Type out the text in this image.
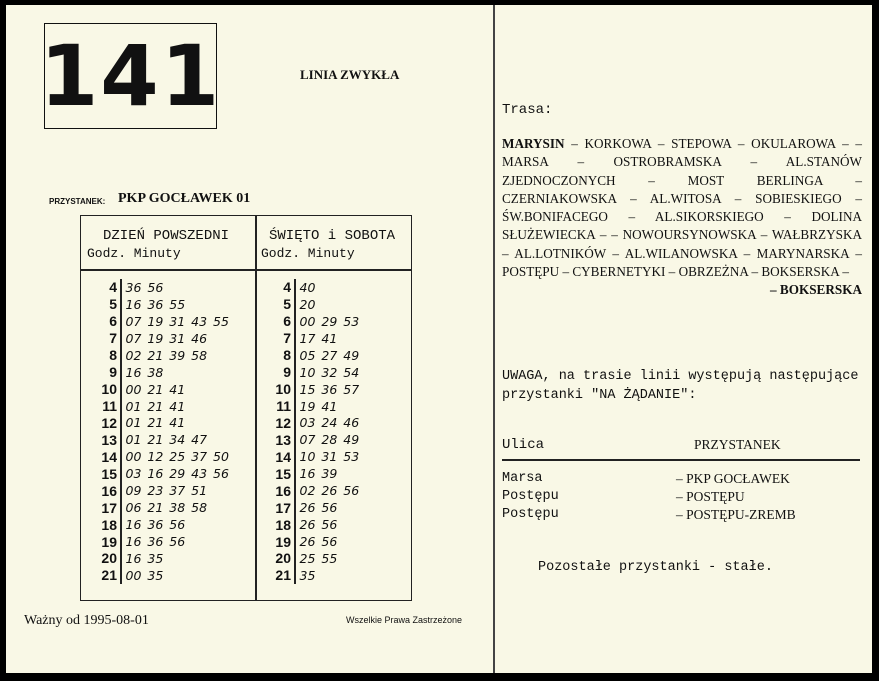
141	LINIA ZWYKŁA
PRZYSTANEK: PKP GOCŁAWEK 01
DZIEŃ POWSZEDNI
Godz. Minuty
ŚWIĘTO i SOBOTA
Godz. Minuty
4 36 56
5 16 36 55
6 07 19 31 43 55
7 07 19 31 46
8 02 21 39 58
9 16 38
10 00 21 41
11 01 21 41
12 01 21 41
13 01 21 34 47
14 00 12 25 37 50
15 03 16 29 43 56
16 09 23 37 51
17 06 21 38 58
18 16 36 56
19 16 36 56
20 16 35
21 00 35
4 40
5 20
6 00 29 53
7 17 41
8 05 27 49
9 10 32 54
10 15 36 57
11 19 41
12 03 24 46
13 07 28 49
14 10 31 53
15 16 39
16 02 26 56
17 26 56
18 26 56
19 26 56
20 25 55
21 35
Ważny od 1995-08-01	Wszelkie Prawa Zastrzeżone
Trasa:
MARYSIN – KORKOWA – STEPOWA – OKULAROWA – – MARSA – OSTROBRAMSKA – AL.STANÓW ZJEDNOCZONYCH – MOST BERLINGA – CZERNIAKOWSKA – AL.WITOSA – SOBIESKIEGO – ŚW.BONIFACEGO – AL.SIKORSKIEGO – DOLINA SŁUŻEWIECKA – – NOWOURSYNOWSKA – WAŁBRZYSKA – AL.LOTNIKÓW – AL.WILANOWSKA – MARYNARSKA – POSTĘPU – CYBERNETYKI – OBRZEŻNA – BOKSERSKA –
– BOKSERSKA
UWAGA, na trasie linii występują następujące przystanki "NA ŻĄDANIE":
Ulica	PRZYSTANEK
Marsa	– PKP GOCŁAWEK
Postępu	– POSTĘPU
Postępu	– POSTĘPU-ZREMB
Pozostałe przystanki - stałe.
